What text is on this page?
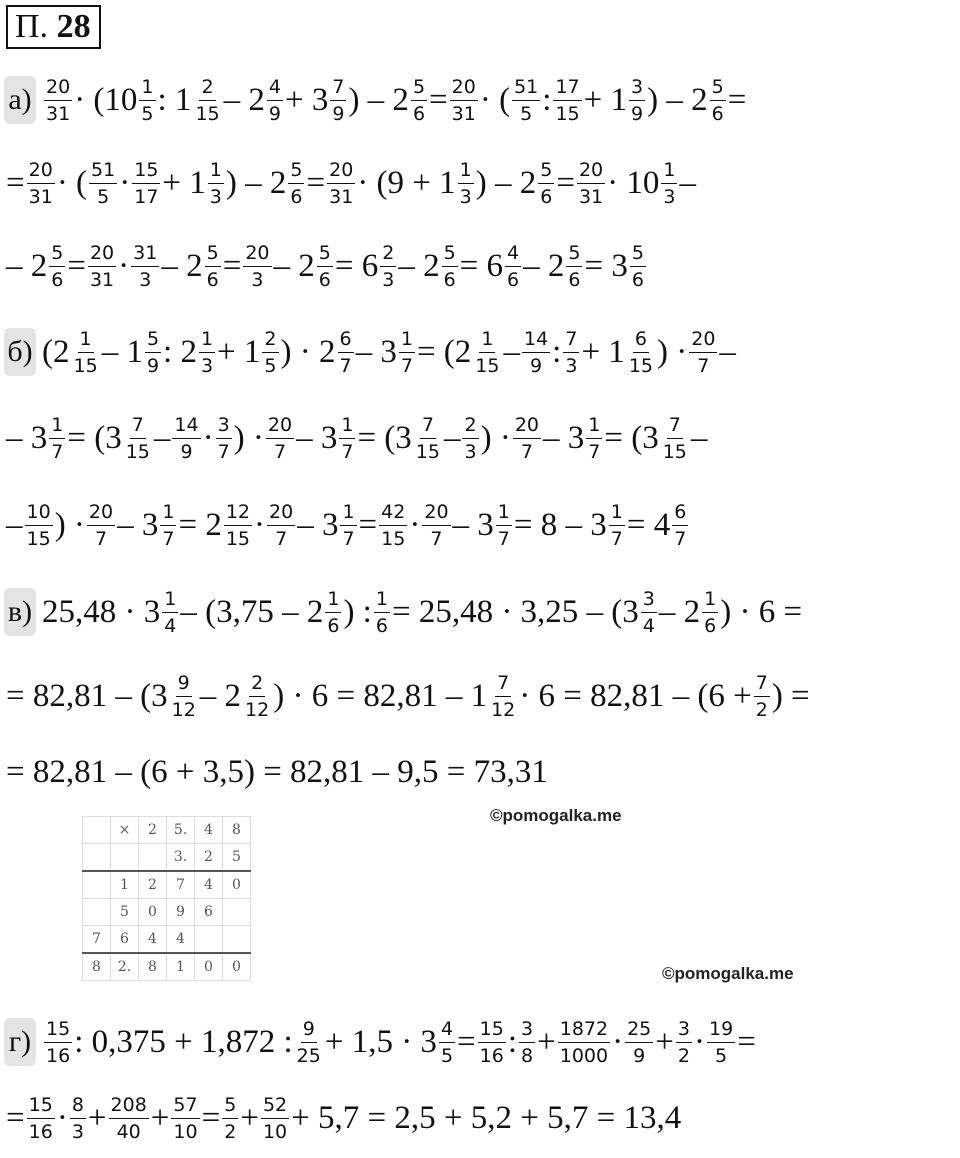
П. 28
$а) \frac{20}{31} \cdot (10 \frac{1}{5}$ : $1 \frac{2}{15} - 2 \frac{4}{9} + 3 \frac{7}{9}$ ) – $2 \frac{5}{6} = \frac{20}{31}$ · ( $\frac{51}{5}$ : $\frac{17}{15} + 1 \frac{3}{9}$ ) – $2 \frac{5}{6}$ =
= $\frac{20}{31}$ · ( $\frac{51}{5} \cdot \frac{15}{17} + 1 \frac{1}{3}$ ) – $2 \frac{5}{6} = \frac{20}{31} \cdot (9 + 1 \frac{1}{3}$ ) – $2 \frac{5}{6} = \frac{20}{31} \cdot 10 \frac{1}{3}$ –
– $2 \frac{5}{6} = \frac{20}{31} \cdot \frac{31}{3} - 2 \frac{5}{6} = \frac{20}{3} - 2 \frac{5}{6} = 6 \frac{2}{3} - 2 \frac{5}{6} = 6 \frac{4}{6} - 2 \frac{5}{6} = 3 \frac{5}{6}$
б) ($2 \frac{1}{15} - 1 \frac{5}{9}$ : $2 \frac{1}{3} + 1 \frac{2}{5}$ ) · $2 \frac{6}{7} - 3 \frac{1}{7} = (2 \frac{1}{15} - \frac{14}{9}$ : $\frac{7}{3} + 1 \frac{6}{15}$ ) · $\frac{20}{7}$ –
– $3 \frac{1}{7} = (3 \frac{7}{15} - \frac{14}{9} \cdot \frac{3}{7}$ ) · $\frac{20}{7} - 3 \frac{1}{7} = (3 \frac{7}{15} - \frac{2}{3}$ ) · $\frac{20}{7} - 3 \frac{1}{7} = (3 \frac{7}{15}$ –
– $\frac{10}{15}$ ) · $\frac{20}{7} - 3 \frac{1}{7} = 2 \frac{12}{15} \cdot \frac{20}{7} - 3 \frac{1}{7} = \frac{42}{15} \cdot \frac{20}{7} - 3 \frac{1}{7} = 8 - 3 \frac{1}{7} = 4 \frac{6}{7}$
в) $25,48 \cdot 3 \frac{1}{4} - (3,75 - 2 \frac{1}{6}$ ) : $\frac{1}{6} = 25,48 \cdot 3,25 - (3 \frac{3}{4} - 2 \frac{1}{6}$ ) · 6 =
= $82,81 - (3 \frac{9}{12} - 2 \frac{2}{12}$ ) · $6 = 82,81 - 1 \frac{7}{12} \cdot 6 = 82,81 - (6 + \frac{7}{2}$ ) =
= 82,81 – (6 + 3,5) = 82,81 – 9,5 = 73,31
$г) \frac{15}{16}$ : 0,375 + 1,872 : $\frac{9}{25} + 1,5 \cdot 3 \frac{4}{5} = \frac{15}{16}$ : $\frac{3}{8} + \frac{1872}{1000} \cdot \frac{25}{9} + \frac{3}{2} \cdot \frac{19}{5}$ =
= $\frac{15}{16} \cdot \frac{8}{3} + \frac{208}{40} + \frac{57}{10} = \frac{5}{2} + \frac{52}{10} + 5,7 = 2,5 + 5,2 + 5,7 = 13,4$
	×	2	5.	4	8
			3.	2	5
	1	2	7	4	0
	5	0	9	6	
7	6	4	4		
8	2.	8	1	0	0
©pomogalka.me
©pomogalka.me
